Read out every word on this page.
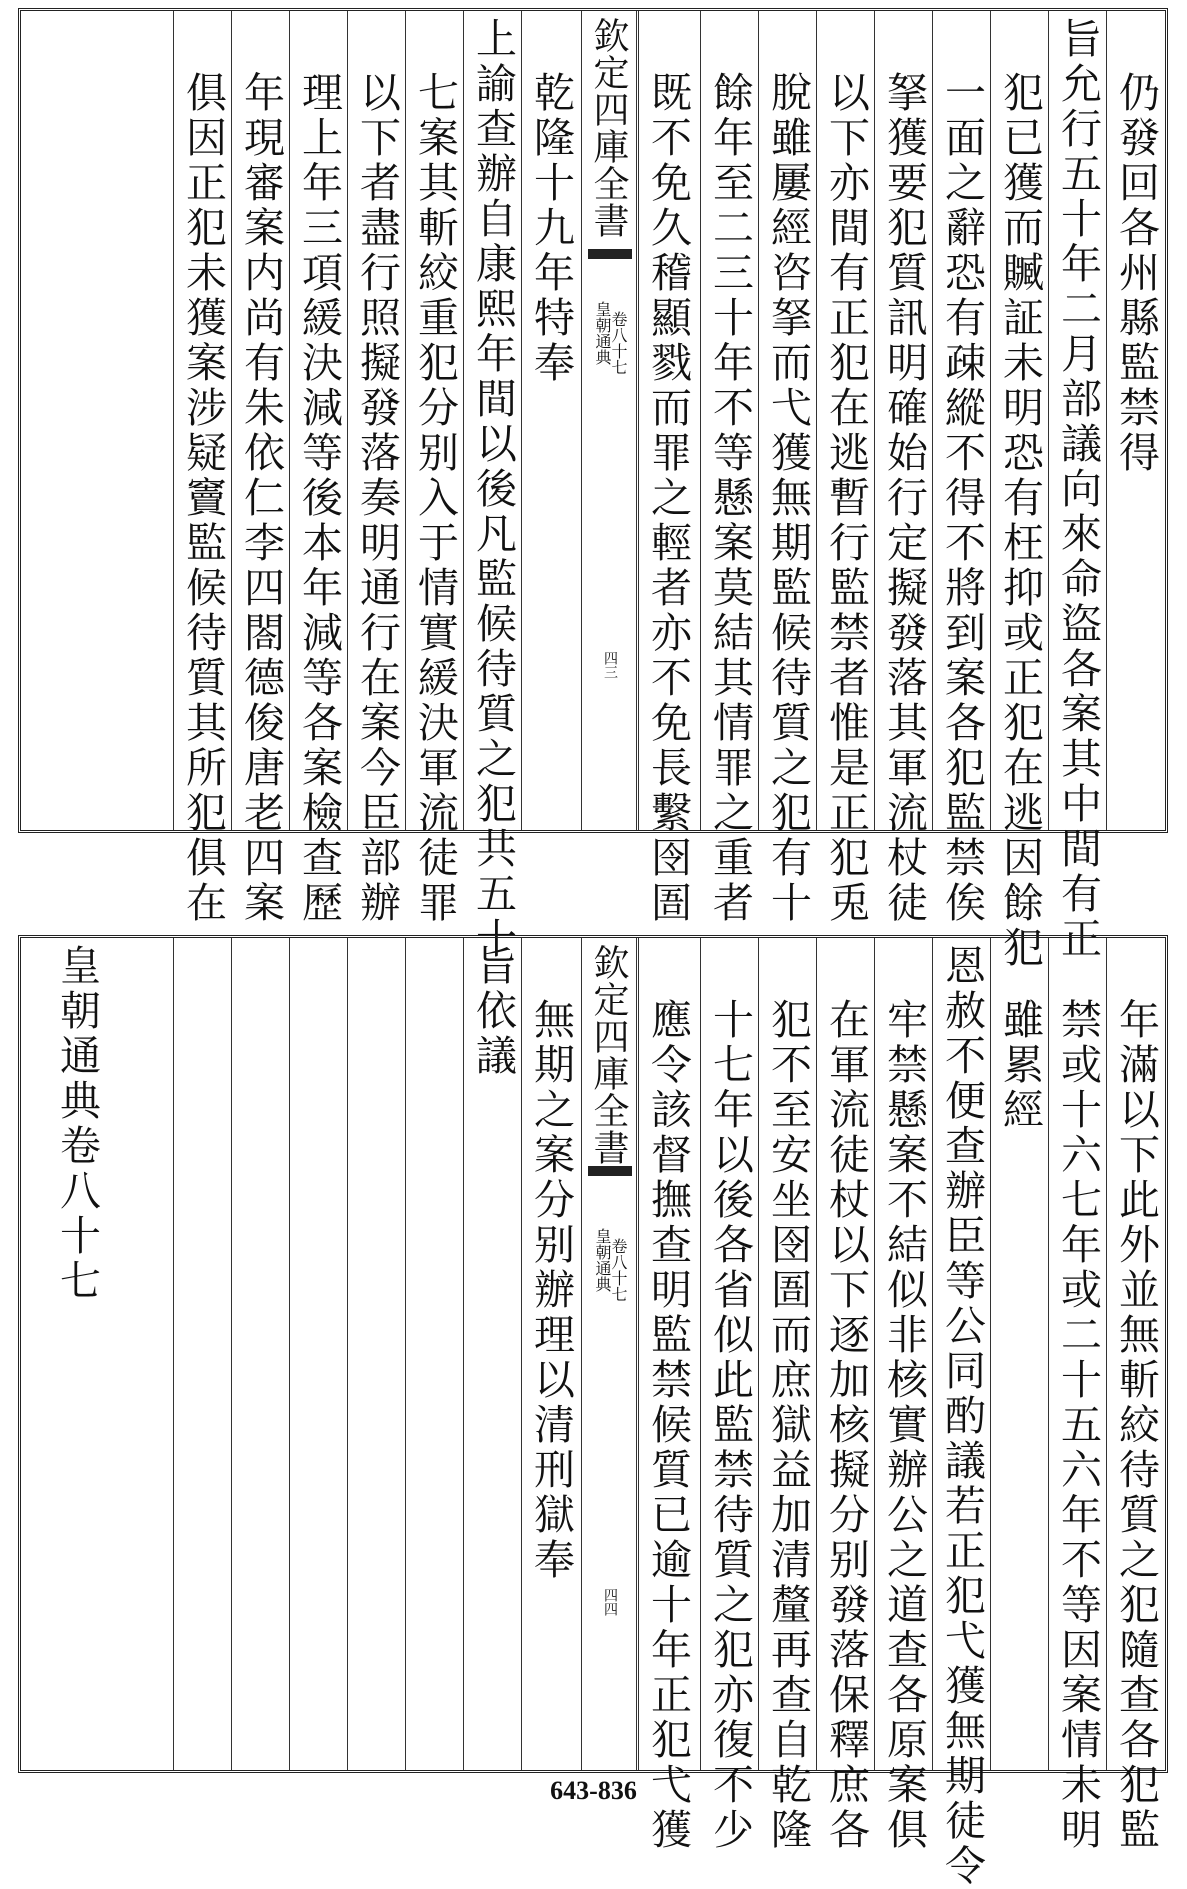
仍發回各州縣監禁得
旨允行五十年二月部議向來命盜各案其中間有正
犯已獲而贓証未明恐有枉抑或正犯在逃因餘犯
一面之辭恐有疎縱不得不將到案各犯監禁俟
拏獲要犯質訊明確始行定擬發落其軍流杖徒
以下亦間有正犯在逃暫行監禁者惟是正犯兎
脫雖屢經咨拏而弋獲無期監候待質之犯有十
餘年至二三十年不等懸案莫結其情罪之重者
欽定四庫全書
皇朝通典
卷八十七
四三 既不免久稽顯戮而罪之輕者亦不免長繫囹圄
乾隆十九年特奉
上諭查辦自康熙年間以後凡監候待質之犯共五十
七案其斬絞重犯分别入于情實緩決軍流徒罪
以下者盡行照擬發落奏明通行在案今臣部辦
理上年三項緩決減等後本年減等各案檢查歷
年現審案内尚有朱依仁李四閤德俊唐老四案
俱因正犯未獲案涉疑竇監候待質其所犯俱在
年滿以下此外並無斬絞待質之犯隨查各犯監
禁或十六七年或二十五六年不等因案情未明
雖累經
恩赦不便查辦臣等公同酌議若正犯弋獲無期徒令
牢禁懸案不結似非核實辦公之道查各原案俱
在軍流徒杖以下逐加核擬分别發落保釋庶各
犯不至安坐囹圄而庶獄益加清釐再查自乾隆
十七年以後各省似此監禁待質之犯亦復不少
欽定四庫全書
皇朝通典
卷八十七
四四 應令該督撫查明監禁候質已逾十年正犯弋獲
無期之案分别辦理以清刑獄奉
旨依議
皇朝通典卷八十七
643-836
